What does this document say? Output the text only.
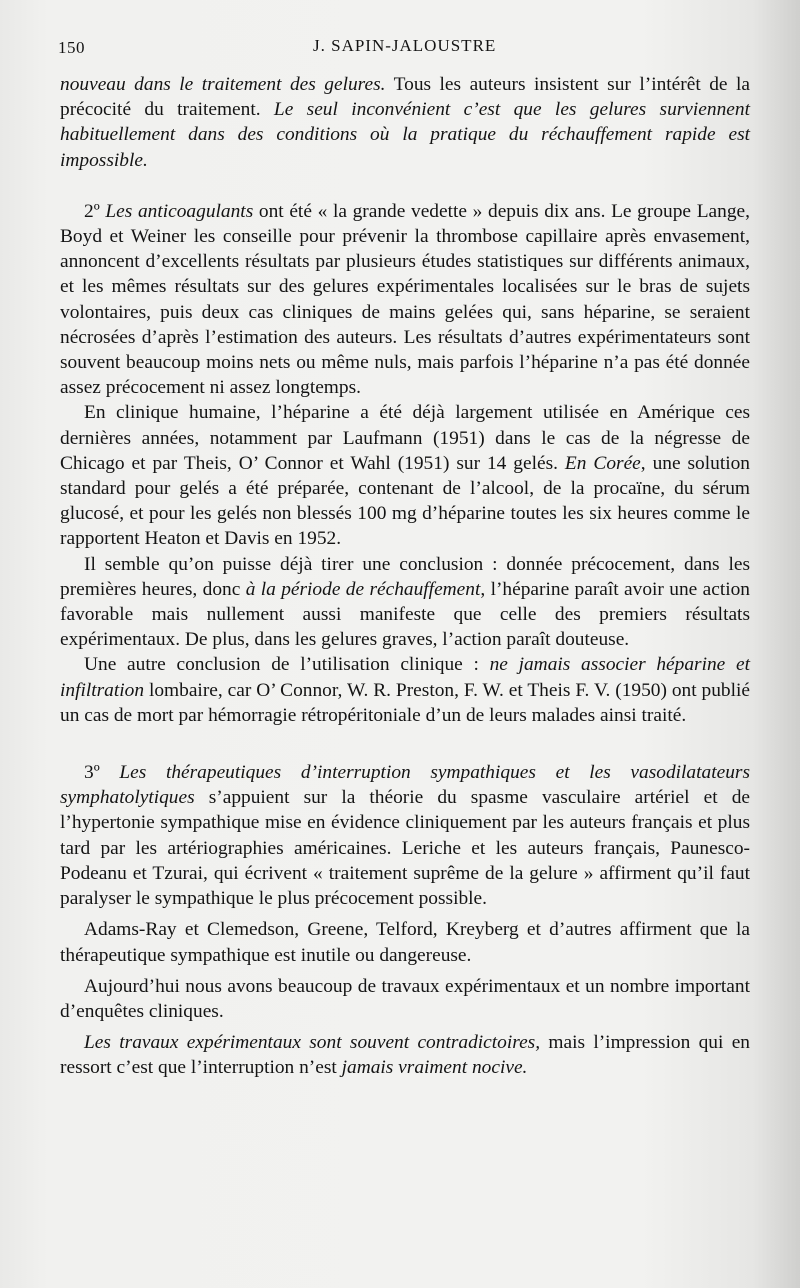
150	J. SAPIN-JALOUSTRE

nouveau dans le traitement des gelures. Tous les auteurs insistent sur l’intérêt de la précocité du traitement. Le seul inconvénient c’est que les gelures surviennent habituellement dans des conditions où la pratique du réchauffement rapide est impossible.

2º Les anticoagulants ont été « la grande vedette » depuis dix ans. Le groupe Lange, Boyd et Weiner les conseille pour prévenir la thrombose capillaire après envasement, annoncent d’excellents résultats par plusieurs études statistiques sur différents animaux, et les mêmes résultats sur des gelures expérimentales localisées sur le bras de sujets volontaires, puis deux cas cliniques de mains gelées qui, sans héparine, se seraient nécrosées d’après l’estimation des auteurs. Les résultats d’autres expérimentateurs sont souvent beaucoup moins nets ou même nuls, mais parfois l’héparine n’a pas été donnée assez précocement ni assez longtemps.

En clinique humaine, l’héparine a été déjà largement utilisée en Amérique ces dernières années, notamment par Laufmann (1951) dans le cas de la négresse de Chicago et par Theis, O’ Connor et Wahl (1951) sur 14 gelés. En Corée, une solution standard pour gelés a été préparée, contenant de l’alcool, de la procaïne, du sérum glucosé, et pour les gelés non blessés 100 mg d’héparine toutes les six heures comme le rapportent Heaton et Davis en 1952.

Il semble qu’on puisse déjà tirer une conclusion : donnée précocement, dans les premières heures, donc à la période de réchauffement, l’héparine paraît avoir une action favorable mais nullement aussi manifeste que celle des premiers résultats expérimentaux. De plus, dans les gelures graves, l’action paraît douteuse.

Une autre conclusion de l’utilisation clinique : ne jamais associer héparine et infiltration lombaire, car O’ Connor, W. R. Preston, F. W. et Theis F. V. (1950) ont publié un cas de mort par hémorragie rétropéritoniale d’un de leurs malades ainsi traité.

3º Les thérapeutiques d’interruption sympathiques et les vasodilatateurs symphatolytiques s’appuient sur la théorie du spasme vasculaire artériel et de l’hypertonie sympathique mise en évidence cliniquement par les auteurs français et plus tard par les artériographies américaines. Leriche et les auteurs français, Paunesco-Podeanu et Tzurai, qui écrivent « traitement suprême de la gelure » affirment qu’il faut paralyser le sympathique le plus précocement possible.

Adams-Ray et Clemedson, Greene, Telford, Kreyberg et d’autres affirment que la thérapeutique sympathique est inutile ou dangereuse.

Aujourd’hui nous avons beaucoup de travaux expérimentaux et un nombre important d’enquêtes cliniques.

Les travaux expérimentaux sont souvent contradictoires, mais l’impression qui en ressort c’est que l’interruption n’est jamais vraiment nocive.
